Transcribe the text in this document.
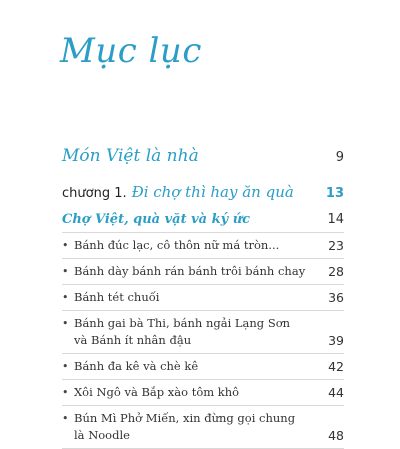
Mục lục
Món Việt là nhà	9
chương 1. Đi chợ thì hay ăn quà 13
Chợ Việt, quà vặt và ký ức	14
• Bánh đúc lạc, cô thôn nữ má tròn...	23
• Bánh dày bánh rán bánh trôi bánh chay	28
• Bánh tét chuối	36
• Bánh gai bà Thi, bánh ngải Lạng Sơn
và Bánh ít nhân đậu	39
• Bánh đa kê và chè kê	42
• Xôi Ngô và Bắp xào tôm khô	44
• Bún Mì Phở Miến, xin đừng gọi chung
là Noodle	48
